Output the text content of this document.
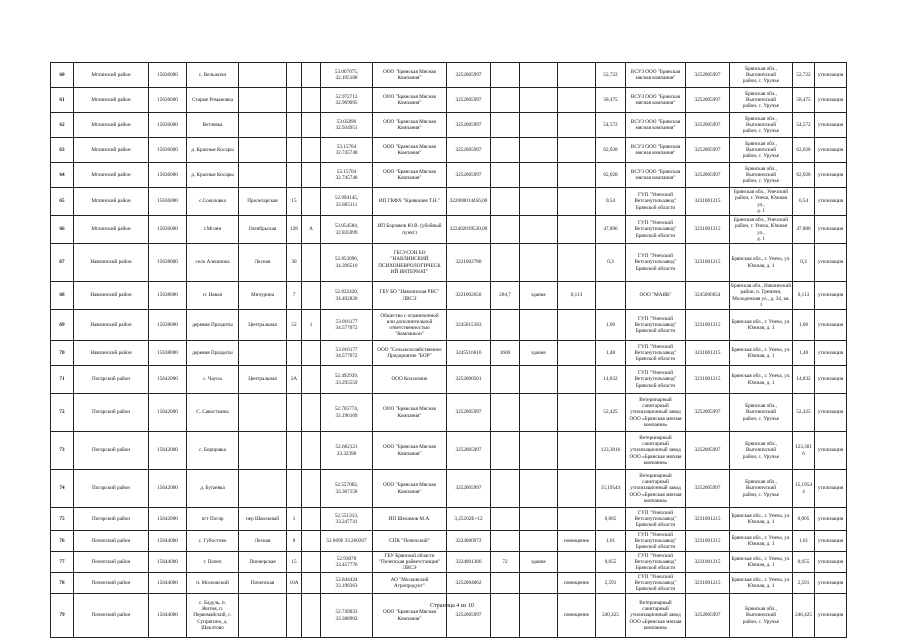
60	Мглинский район	15636000	с. Вельжичи				53.067075,
32.105108	ООО "Брянская Мясная
Компания"	3252005997				52,722	ВСУЗ ООО "Брянская
мясная компания"	3252005997	Брянская обл., Выгоничский
район, с. Уручье	52,722	утилизация
61	Мглинский район	15636000	Старые Романовка				52.972713
32.969095	ООО "Брянская Мясная
Компания"	3252005997				58,475	ВСУЗ ООО "Брянская
мясная компания"	3252005997	Брянская обл., Выгоничский
район, с. Уручье	58,475	утилизация
62	Мглинский район	15636000	Ветлевка				53.05896
32.934951	ООО "Брянская Мясная
Компания"	3252005997				54,572	ВСУЗ ООО "Брянская
мясная компания"	3252005997	Брянская обл., Выгоничский
район, с. Уручье	54,572	утилизация
63	Мглинский район	15636000	д. Красные Косары				53.15704
32.745748	ООО "Брянская Мясная
Компания"	3252005997				62,028	ВСУЗ ООО "Брянская
мясная компания"	3252005997	Брянская обл., Выгоничский
район, с. Уручье	62,028	утилизация
64	Мглинский район	15636000	д. Красные Косары				53.15704
32.745748	ООО "Брянская Мясная
Компания"	3252005997				62,028	ВСУЗ ООО "Брянская
мясная компания"	3252005997	Брянская обл., Выгоничский
район, с. Уручье	62,028	утилизация
65	Мглинский район	15636000	с.Соколовка	Пролетарская	15		52.994145,
32.865111	ИП ГКФХ "Кривошея Т.Н."	322000014456,00				0,54	ГУП "Унечский
Ветсанутильзавод"
Брянской области	3231001215	Брянская обл., Унечский
район, г. Унеча, Южная ул.,
д. 1	0,54	утилизация
66	Мглинский район	15636000	г.Мглин	Октябрьская	128	А	53.054584,
32.835999	ИП Борзяков Ю.В. (убойный
пункт)	322402839530,00				47,806	ГУП "Унечский
Ветсанутильзавод"
Брянской области	3231001215	Брянская обл., Унечский
район, г. Унеча, Южная ул.,
д. 1	47,806	утилизация
67	Навлинский район	15638000	село Алешинка	Лесная	30		52.853096,
34.396510	ГБСУСОН БО
"НАВЛИНСКИЙ
ПСИХОНЕВРОЛОГИЧЕСК
ИЙ ИНТЕРНАТ"	3221002780				0,3	ГУП "Унечский
Ветсанутильзавод"
Брянской области	3231001215	Брянская обл., г. Унеча, ул.
Южная, д. 1	0,3	утилизация
68	Навлинский район	15638000	п. Навля	Мичурина	7		52.832420,
34.492820	ГБУ БО "Навлинская РВС"
ЛВСЭ	3221002650	204,7	здание	0,113		ООО "МАЯК"	3245006654	Брянская обл., Навлинский
район, п. Гремячи,
Молодежная ул., д. 34, кв. 1	0,113	утилизация
69	Навлинский район	15638000	деревня Празднты	Центральная	52	1	53.016177
34.577072	Общество с ограниченной
или дополнительной
ответственностью
"Компаньон"	3245015183				1,06	ГУП "Унечский
Ветсанутильзавод"
Брянской области	3231001215	Брянская обл., г. Унеча, ул.
Южная, д. 1	1,06	утилизация
70	Навлинский район	15638000	деревня Празднты				53.016177
34.577072	ООО "Сельскохозяйственное
Предприятие "БОР"	3245516616	1600	здание		1,48	ГУП "Унечский
Ветсанутильзавод"
Брянской области	3231001215	Брянская обл., г. Унеча, ул.
Южная, д. 1	1,48	утилизация
71	Погарский район	15642000	с. Чаусы	Центральная	2А		52.492939,
33.295559	ООО Колхозник	3252000501				14,832	ГУП "Унечский
Ветсанутильзавод"
Брянской области	3231001215	Брянская обл., г. Унеча, ул.
Южная, д. 1	14,832	утилизация
72	Погарский район	15642000	С. Савостьяны				52.705774,
33.196109	ООО "Брянская Мясная
Компания"	3252005997				52,425	Ветеринарный санитарный
утилизационный завод
ООО «Брянская мясная
компания»	3252005997	Брянская обл., Выгоничский
район, с. Уручье	52,425	утилизация
73	Погарский район	15642000	с. Борщовка				52.682121
33.32398	ООО "Брянская Мясная
Компания"	3252005997				123,3016	Ветеринарный санитарный
утилизационный завод
ООО «Брянская мясная
компания»	3252005997	Брянская обл., Выгоничский
район, с. Уручье	123,3016	утилизация
74	Погарский район	15642000	д. Бугаевка				52.557002,
33.367158	ООО "Брянская Мясная
Компания"	3252005997				15,19544	Ветеринарный санитарный
утилизационный завод
ООО «Брянская мясная
компания»	3252005997	Брянская обл., Выгоничский
район, с. Уручье	15,19544	утилизация
75	Погарский район	15642000	пгт Погар	пер Школьный	1		52.551313,
33.247741	ИП Шеламов М.А.	3,25202E+12				0,005	ГУП "Унечский
Ветсанутильзавод"
Брянской области	3231001215	Брянская обл., г. Унеча, ул.
Южная, д. 1	0,005	утилизация
76	Почепский район	15644000	с. Губостово	Лесная	8		52.8696 33.260267	СПК "Почепский"	3224000972			помещение	1,61	ГУП "Унечский
Ветсанутильзавод"
Брянской области	3231001215	Брянская обл., г. Унеча, ул.
Южная, д. 1	1,61	утилизация
77	Почепский район	15644000	г. Почеп	Пионерская	15		52.93078
33.457776	ГБУ Брянской области
"Почепская райветстанция"
ЛВСЭ	3224001366	72	здание		0,055	ГУП "Унечский
Ветсанутильзавод"
Брянской области	3231001215	Брянская обл., г. Унеча, ул.
Южная, д. 1	0,055	утилизация
78	Почепский район	15644000	п. Московский	Почепская	10А		52.844424
33.196363	АО "Московский
Агропродукт"	3252004062			помещение	2,591	ГУП "Унечский
Ветсанутильзавод"
Брянской области	3231001215	Брянская обл., г. Унеча, ул.
Южная, д. 1	2,591	утилизация
79	Почепский район	15644000	с. Бадуль, п.
Житня, п.
Первомайский, с.
Супрягино, д.
Щеклтово				52.749033
33.388902	ООО "Брянская Мясная
Компания"	3252005997			помещение	240,425	Ветеринарный санитарный
утилизационный завод
ООО «Брянская мясная
компания»	3252005997	Брянская обл., Выгоничский
район, с. Уручье	240,425	утилизация
Страница 4 из 10
